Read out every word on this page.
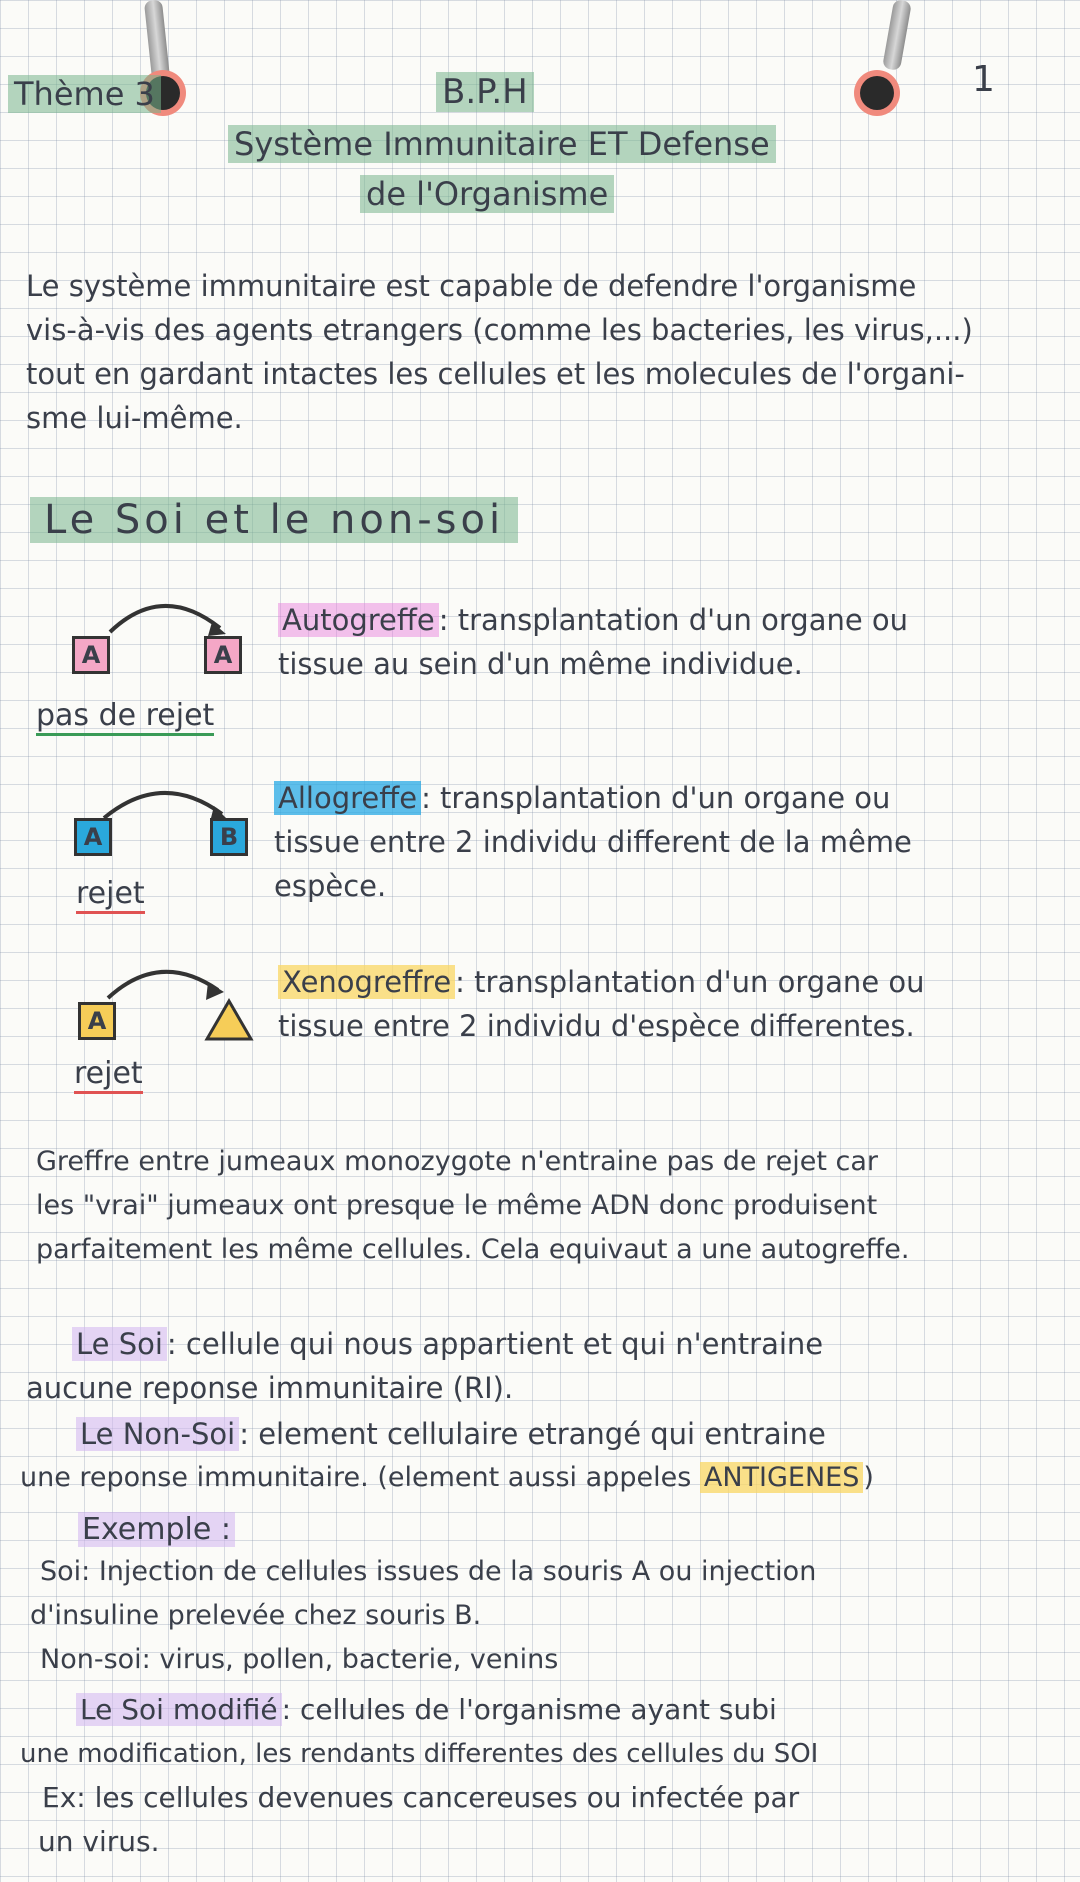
Thème 3	B.P.H	1
Système Immunitaire ET Defense
de l'Organisme
Le système immunitaire est capable de defendre l'organisme
vis-à-vis des agents etrangers (comme les bacteries, les virus,...)
tout en gardant intactes les cellules et les molecules de l'organi-
sme lui-même.
Le Soi et le non-soi
A	A
pas de rejet
Autogreffe : transplantation d'un organe ou
tissue au sein d'un même individue.
A	B
rejet
Allogreffe : transplantation d'un organe ou
tissue entre 2 individu different de la même
espèce.
A
rejet
Xenogreffre : transplantation d'un organe ou
tissue entre 2 individu d'espèce differentes.
Greffre entre jumeaux monozygote n'entraine pas de rejet car
les "vrai" jumeaux ont presque le même ADN donc produisent
parfaitement les même cellules. Cela equivaut a une autogreffe.
Le Soi : cellule qui nous appartient et qui n'entraine
aucune reponse immunitaire (RI).
Le Non-Soi : element cellulaire etrangé qui entraine
une reponse immunitaire. (element aussi appeles ANTIGENES )
Exemple :
Soi: Injection de cellules issues de la souris A ou injection
d'insuline prelevée chez souris B.
Non-soi: virus, pollen, bacterie, venins
Le Soi modifié : cellules de l'organisme ayant subi
une modification, les rendants differentes des cellules du SOI
Ex: les cellules devenues cancereuses ou infectée par
un virus.
